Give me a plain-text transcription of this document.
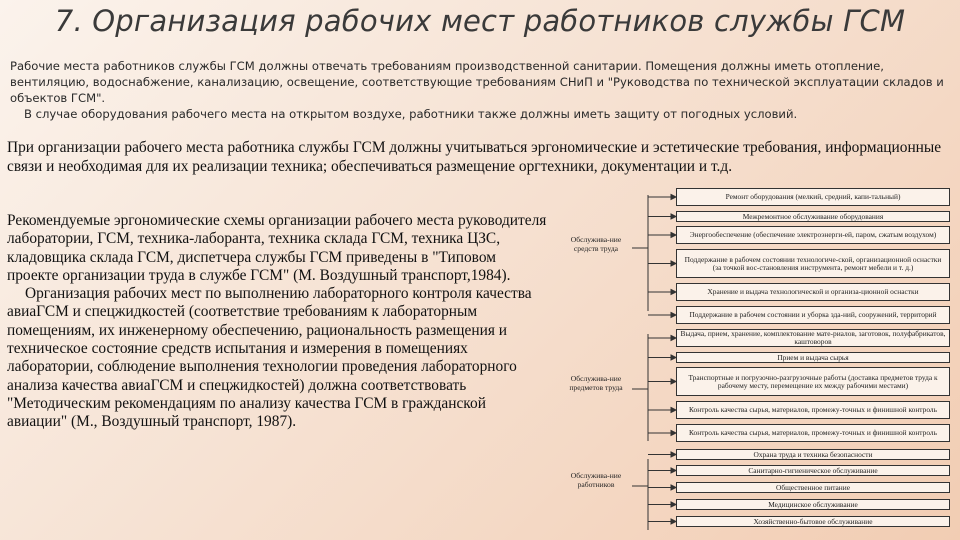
7. Организация рабочих мест работников службы ГСМ
Рабочие места работников службы ГСМ должны отвечать требованиям производственной санитарии. Помещения должны иметь отопление, вентиляцию, водоснабжение, канализацию, освещение, соответствующие требованиям СНиП и "Руководства по технической эксплуатации складов и объектов ГСМ".
В случае оборудования рабочего места на открытом воздухе, работники также должны иметь защиту от погодных условий.
При организации рабочего места работника службы ГСМ должны учитываться эргономические и эстетические требования, информационные связи и необходимая для их реализации техника; обеспечиваться размещение оргтехники, документации и т.д.
Рекомендуемые эргономические схемы организации рабочего места руководителя лаборатории, ГСМ, техника-лаборанта, техника склада ГСМ, техника ЦЗС, кладовщика склада ГСМ, диспетчера службы ГСМ приведены в "Типовом проекте организации труда в службе ГСМ" (М. Воздушный транспорт,1984).
Организация рабочих мест по выполнению лабораторного контроля качества авиаГСМ и спецжидкостей (соответствие требованиям к лабораторным помещениям, их инженерному обеспечению, рациональность размещения и техническое состояние средств испытания и измерения в помещениях лаборатории, соблюдение выполнения технологии проведения лабораторного анализа качества авиаГСМ и спецжидкостей) должна соответствовать "Методическим рекомендациям по анализу качества ГСМ в гражданской авиации" (М., Воздушный транспорт, 1987).
Обслужива-ние средств труда
Обслужива-ние предметов труда
Обслужива-ние работников
Ремонт оборудования (мелкий, средний, капи-тальный)
Межремонтное обслуживание оборудования
Энергообеспечение (обеспечение электроэнерги-ей, паром, сжатым воздухом)
Поддержание в рабочем состоянии технологиче-ской, организационной оснастки (за точкой вос-становления инструмента, ремонт мебели и т. д.)
Хранение и выдача технологической и организа-ционной оснастки
Поддержание в рабочем состоянии и уборка зда-ний, сооружений, территорий
Выдача, прием, хранение, комплектование мате-риалов, заготовок, полуфабрикатов, каштоворов
Прием и выдача сырья
Транспортные и погрузочно-разгрузочные работы (доставка предметов труда к рабочему месту, перемещение их между рабочими местами)
Контроль качества сырья, материалов, промежу-точных и финишной контроль
Контроль качества сырья, материалов, промежу-точных и финишной контроль
Охрана труда и техника безопасности
Санитарно-гигиеническое обслуживание
Общественное питание
Медицинское обслуживание
Хозяйственно-бытовое обслуживание
